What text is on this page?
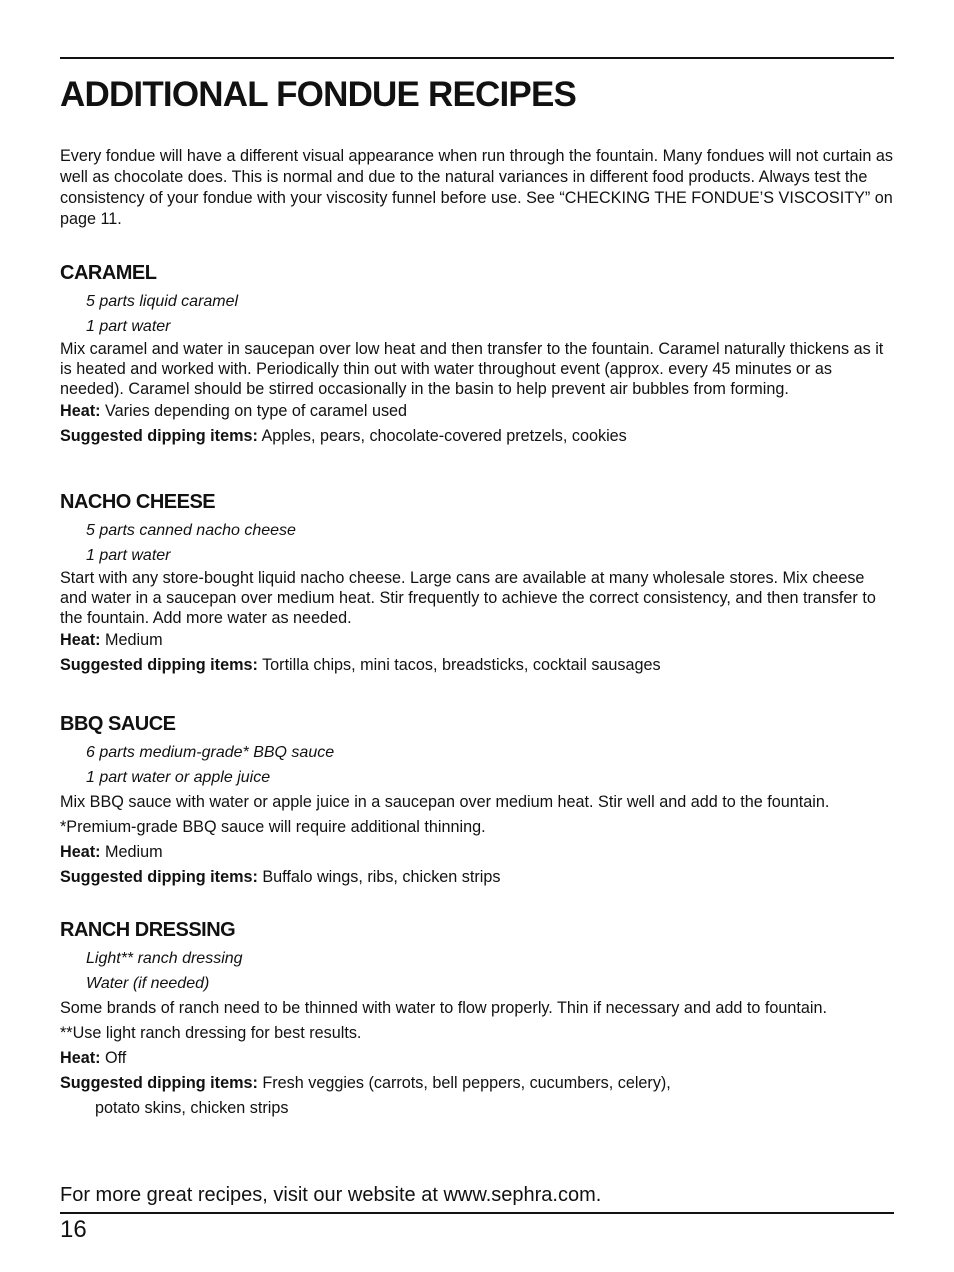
ADDITIONAL FONDUE RECIPES

Every fondue will have a different visual appearance when run through the fountain. Many fondues will not curtain as well as chocolate does. This is normal and due to the natural variances in different food products. Always test the consistency of your fondue with your viscosity funnel before use. See “CHECKING THE FONDUE’S VISCOSITY” on page 11.

CARAMEL

5 parts liquid caramel

1 part water

Mix caramel and water in saucepan over low heat and then transfer to the fountain. Caramel naturally thickens as it is heated and worked with. Periodically thin out with water throughout event (approx. every 45 minutes or as needed). Caramel should be stirred occasionally in the basin to help prevent air bubbles from forming.

Heat: Varies depending on type of caramel used

Suggested dipping items: Apples, pears, chocolate-covered pretzels, cookies

NACHO CHEESE

5 parts canned nacho cheese

1 part water

Start with any store-bought liquid nacho cheese. Large cans are available at many wholesale stores. Mix cheese and water in a saucepan over medium heat. Stir frequently to achieve the correct consistency, and then transfer to the fountain. Add more water as needed.

Heat: Medium

Suggested dipping items: Tortilla chips, mini tacos, breadsticks, cocktail sausages

BBQ SAUCE

6 parts medium-grade* BBQ sauce

1 part water or apple juice

Mix BBQ sauce with water or apple juice in a saucepan over medium heat. Stir well and add to the fountain.

*Premium-grade BBQ sauce will require additional thinning.

Heat: Medium

Suggested dipping items: Buffalo wings, ribs, chicken strips

RANCH DRESSING

Light** ranch dressing

Water (if needed)

Some brands of ranch need to be thinned with water to flow properly. Thin if necessary and add to fountain.

**Use light ranch dressing for best results.

Heat: Off

Suggested dipping items: Fresh veggies (carrots, bell peppers, cucumbers, celery),

potato skins, chicken strips

For more great recipes, visit our website at www.sephra.com.

16
